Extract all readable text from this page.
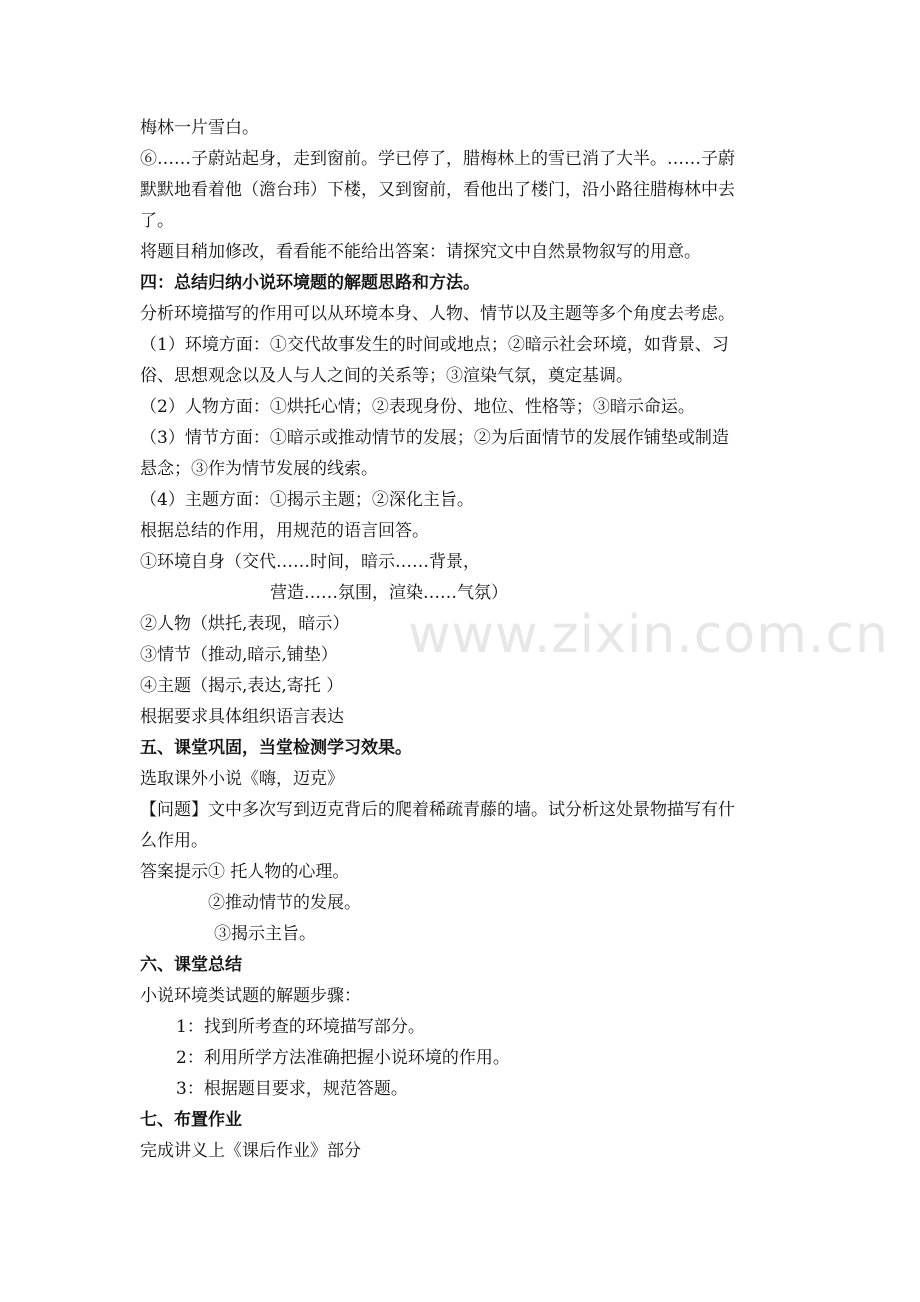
梅林一片雪白。
⑥……子蔚站起身，走到窗前。学已停了，腊梅林上的雪已消了大半。……子蔚
默默地看着他（澹台玮）下楼，又到窗前，看他出了楼门，沿小路往腊梅林中去
了。
将题目稍加修改，看看能不能给出答案：请探究文中自然景物叙写的用意。
四：总结归纳小说环境题的解题思路和方法。
分析环境描写的作用可以从环境本身、人物、情节以及主题等多个角度去考虑。
（1）环境方面：①交代故事发生的时间或地点；②暗示社会环境，如背景、习
俗、思想观念以及人与人之间的关系等；③渲染气氛，奠定基调。
（2）人物方面：①烘托心情；②表现身份、地位、性格等；③暗示命运。
（3）情节方面：①暗示或推动情节的发展；②为后面情节的发展作铺垫或制造
悬念；③作为情节发展的线索。
（4）主题方面：①揭示主题；②深化主旨。
根据总结的作用，用规范的语言回答。
①环境自身（交代……时间，暗示……背景，
营造……氛围，渲染……气氛）
②人物（烘托,表现，暗示）
③情节（推动,暗示,铺垫）
④主题（揭示,表达,寄托 ）
根据要求具体组织语言表达
五、课堂巩固，当堂检测学习效果。
选取课外小说《嗨，迈克》
【问题】文中多次写到迈克背后的爬着稀疏青藤的墙。试分析这处景物描写有什
么作用。
答案提示① 托人物的心理。
②推动情节的发展。
③揭示主旨。
六、课堂总结
小说环境类试题的解题步骤：
1：找到所考查的环境描写部分。
2：利用所学方法准确把握小说环境的作用。
3：根据题目要求，规范答题。
七、布置作业
完成讲义上《课后作业》部分
www.zixin.com.cn
